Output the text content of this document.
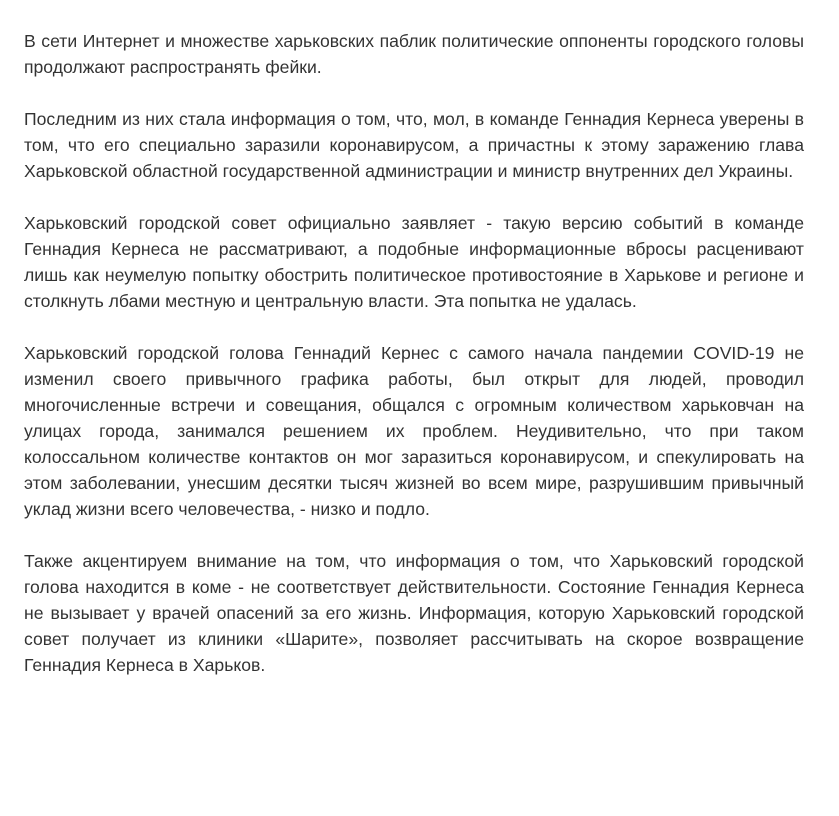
В сети Интернет и множестве харьковских паблик политические оппоненты городского головы продолжают распространять фейки.

Последним из них стала информация о том, что, мол, в команде Геннадия Кернеса уверены в том, что его специально заразили коронавирусом, а причастны к этому заражению глава Харьковской областной государственной администрации и министр внутренних дел Украины.

Харьковский городской совет официально заявляет - такую версию событий в команде Геннадия Кернеса не рассматривают, а подобные информационные вбросы расценивают лишь как неумелую попытку обострить политическое противостояние в Харькове и регионе и столкнуть лбами местную и центральную власти. Эта попытка не удалась.

Харьковский городской голова Геннадий Кернес с самого начала пандемии COVID-19 не изменил своего привычного графика работы, был открыт для людей, проводил многочисленные встречи и совещания, общался с огромным количеством харьковчан на улицах города, занимался решением их проблем. Неудивительно, что при таком колоссальном количестве контактов он мог заразиться коронавирусом, и спекулировать на этом заболевании, унесшим десятки тысяч жизней во всем мире, разрушившим привычный уклад жизни всего человечества, - низко и подло.

Также акцентируем внимание на том, что информация о том, что Харьковский городской голова находится в коме - не соответствует действительности. Состояние Геннадия Кернеса не вызывает у врачей опасений за его жизнь. Информация, которую Харьковский городской совет получает из клиники «Шарите», позволяет рассчитывать на скорое возвращение Геннадия Кернеса в Харьков.
